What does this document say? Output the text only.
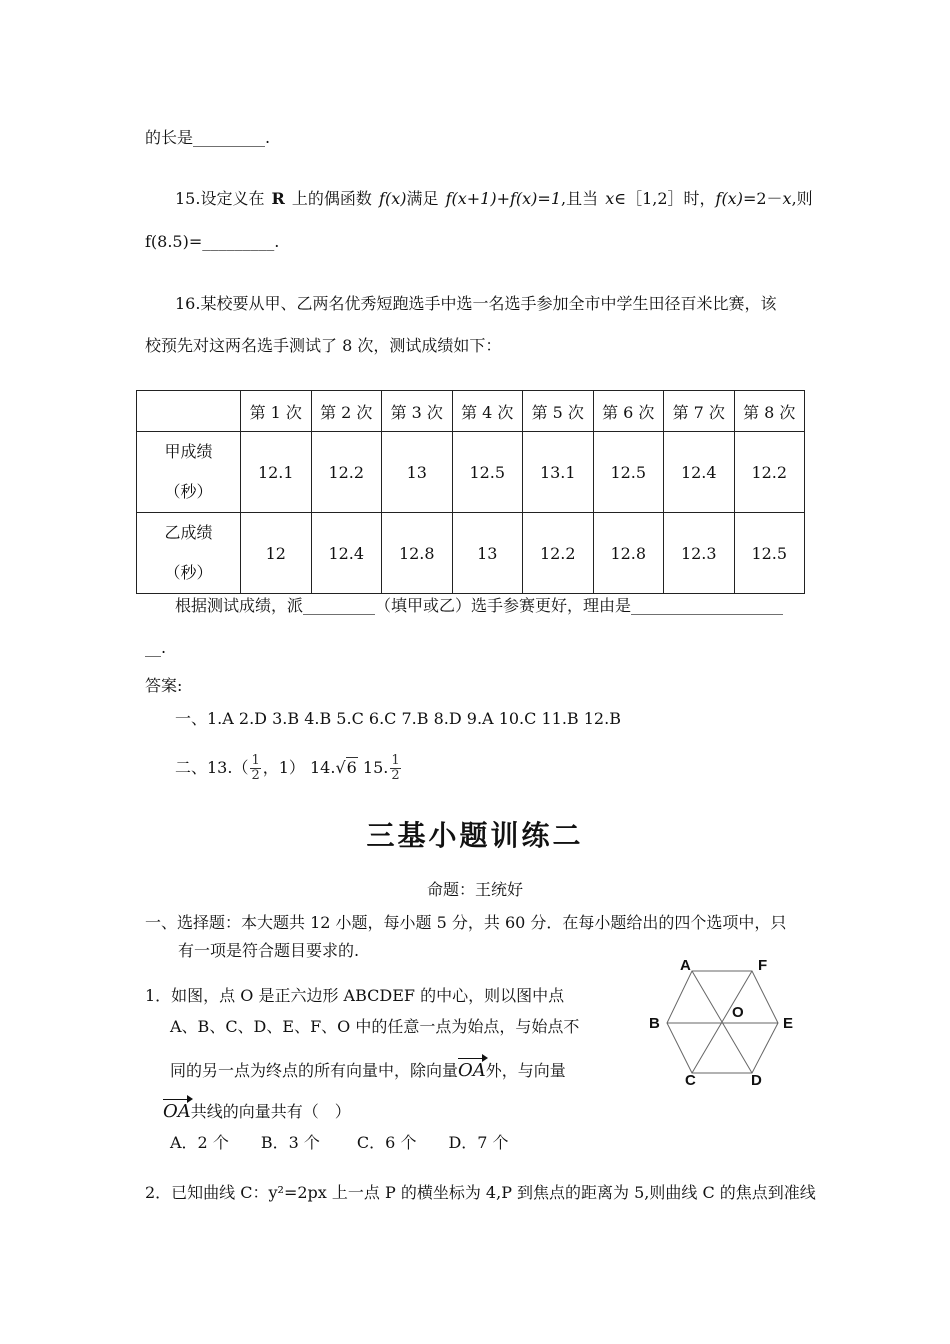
的长是_________.
15.设定义在 R 上的偶函数 f(x)满足 f(x+1)+f(x)=1,且当 x∈［1,2］时，f(x)=2－x,则
f(8.5)=_________.
16.某校要从甲、乙两名优秀短跑选手中选一名选手参加全市中学生田径百米比赛，该
校预先对这两名选手测试了 8 次，测试成绩如下：
	第 1 次	第 2 次	第 3 次	第 4 次	第 5 次	第 6 次	第 7 次	第 8 次

甲成绩
（秒）	12.1	12.2	13	12.5	13.1	12.5	12.4	12.2

乙成绩
（秒）	12	12.4	12.8	13	12.2	12.8	12.3	12.5
根据测试成绩，派_________（填甲或乙）选手参赛更好，理由是___________________
__.
答案:
一、1.A 2.D 3.B 4.B 5.C 6.C 7.B 8.D 9.A 10.C 11.B 12.B
二、$13.( \frac{1}{2}$ ，1） 14.√6 15. $\frac{1}{2}$
三基小题训练二
命题：王统好
一、选择题：本大题共 12 小题，每小题 5 分，共 60 分．在每小题给出的四个选项中，只
有一项是符合题目要求的.
1．如图，点 O 是正六边形 ABCDEF 的中心，则以图中点
A、B、C、D、E、F、O 中的任意一点为始点，与始点不
同的另一点为终点的所有向量中，除向量OA外，与向量
OA共线的向量共有（　）
A．2 个　　B．3 个　　 C．6 个　　D．7 个
2．已知曲线 C：y²=2px 上一点 P 的横坐标为 4,P 到焦点的距离为 5,则曲线 C 的焦点到准线
A	F
B
O
E
C	D
